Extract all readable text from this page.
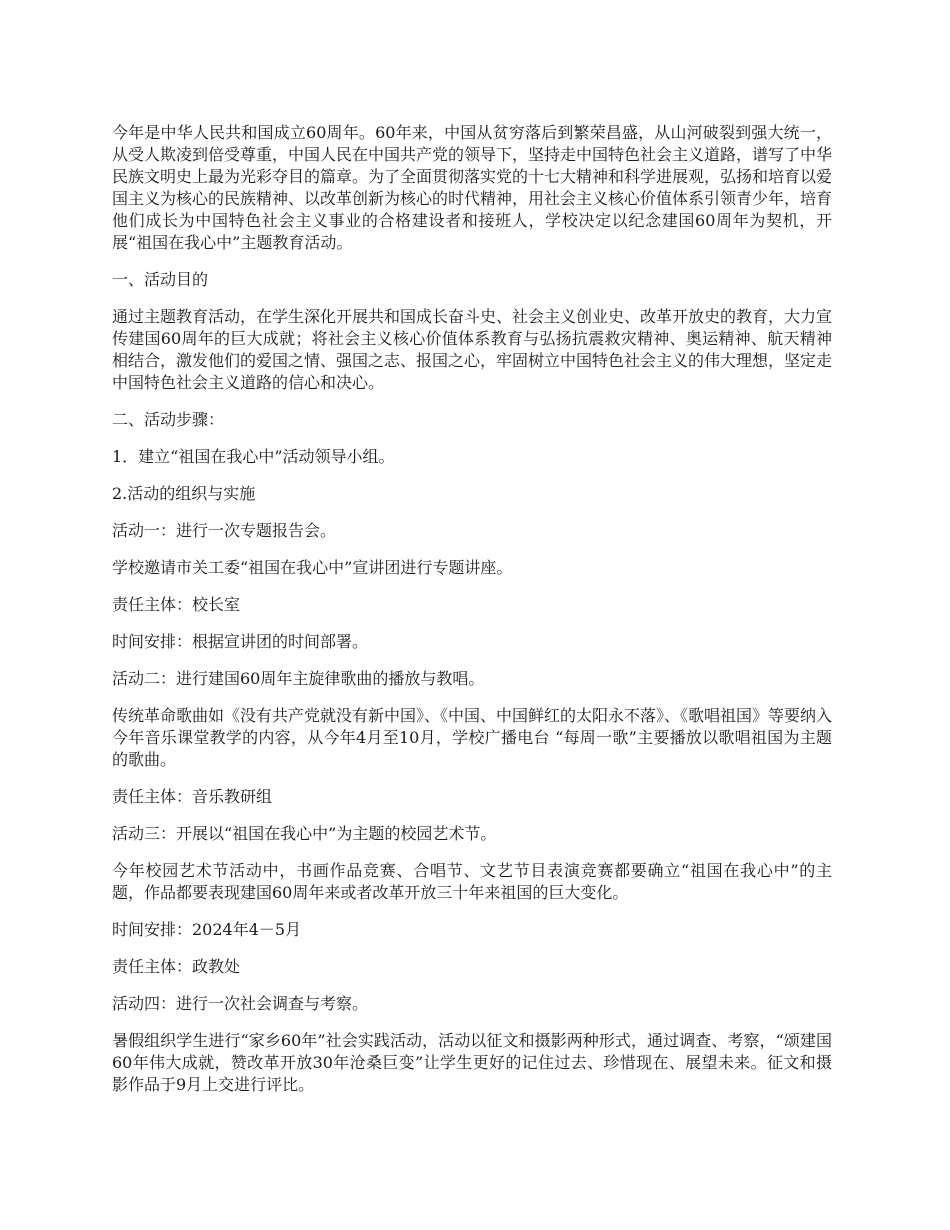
今年是中华人民共和国成立60周年。60年来，中国从贫穷落后到繁荣昌盛，从山河破裂到强大统一，从受人欺凌到倍受尊重，中国人民在中国共产党的领导下，坚持走中国特色社会主义道路，谱写了中华民族文明史上最为光彩夺目的篇章。为了全面贯彻落实党的十七大精神和科学进展观，弘扬和培育以爱国主义为核心的民族精神、以改革创新为核心的时代精神，用社会主义核心价值体系引领青少年，培育他们成长为中国特色社会主义事业的合格建设者和接班人，学校决定以纪念建国60周年为契机，开展“祖国在我心中”主题教育活动。

一、活动目的

通过主题教育活动，在学生深化开展共和国成长奋斗史、社会主义创业史、改革开放史的教育，大力宣传建国60周年的巨大成就；将社会主义核心价值体系教育与弘扬抗震救灾精神、奥运精神、航天精神相结合，激发他们的爱国之情、强国之志、报国之心，牢固树立中国特色社会主义的伟大理想，坚定走中国特色社会主义道路的信心和决心。

二、活动步骤：

1．建立“祖国在我心中”活动领导小组。

2.活动的组织与实施

活动一：进行一次专题报告会。

学校邀请市关工委“祖国在我心中”宣讲团进行专题讲座。

责任主体：校长室

时间安排：根据宣讲团的时间部署。

活动二：进行建国60周年主旋律歌曲的播放与教唱。

传统革命歌曲如《没有共产党就没有新中国》、《中国、中国鲜红的太阳永不落》、《歌唱祖国》等要纳入今年音乐课堂教学的内容，从今年4月至10月，学校广播电台 “每周一歌”主要播放以歌唱祖国为主题的歌曲。

责任主体：音乐教研组

活动三：开展以“祖国在我心中”为主题的校园艺术节。

今年校园艺术节活动中，书画作品竞赛、合唱节、文艺节目表演竞赛都要确立“祖国在我心中”的主题，作品都要表现建国60周年来或者改革开放三十年来祖国的巨大变化。

时间安排：2024年4－5月

责任主体：政教处

活动四：进行一次社会调查与考察。

暑假组织学生进行“家乡60年”社会实践活动，活动以征文和摄影两种形式，通过调查、考察，“颂建国60年伟大成就，赞改革开放30年沧桑巨变”让学生更好的记住过去、珍惜现在、展望未来。征文和摄影作品于9月上交进行评比。
